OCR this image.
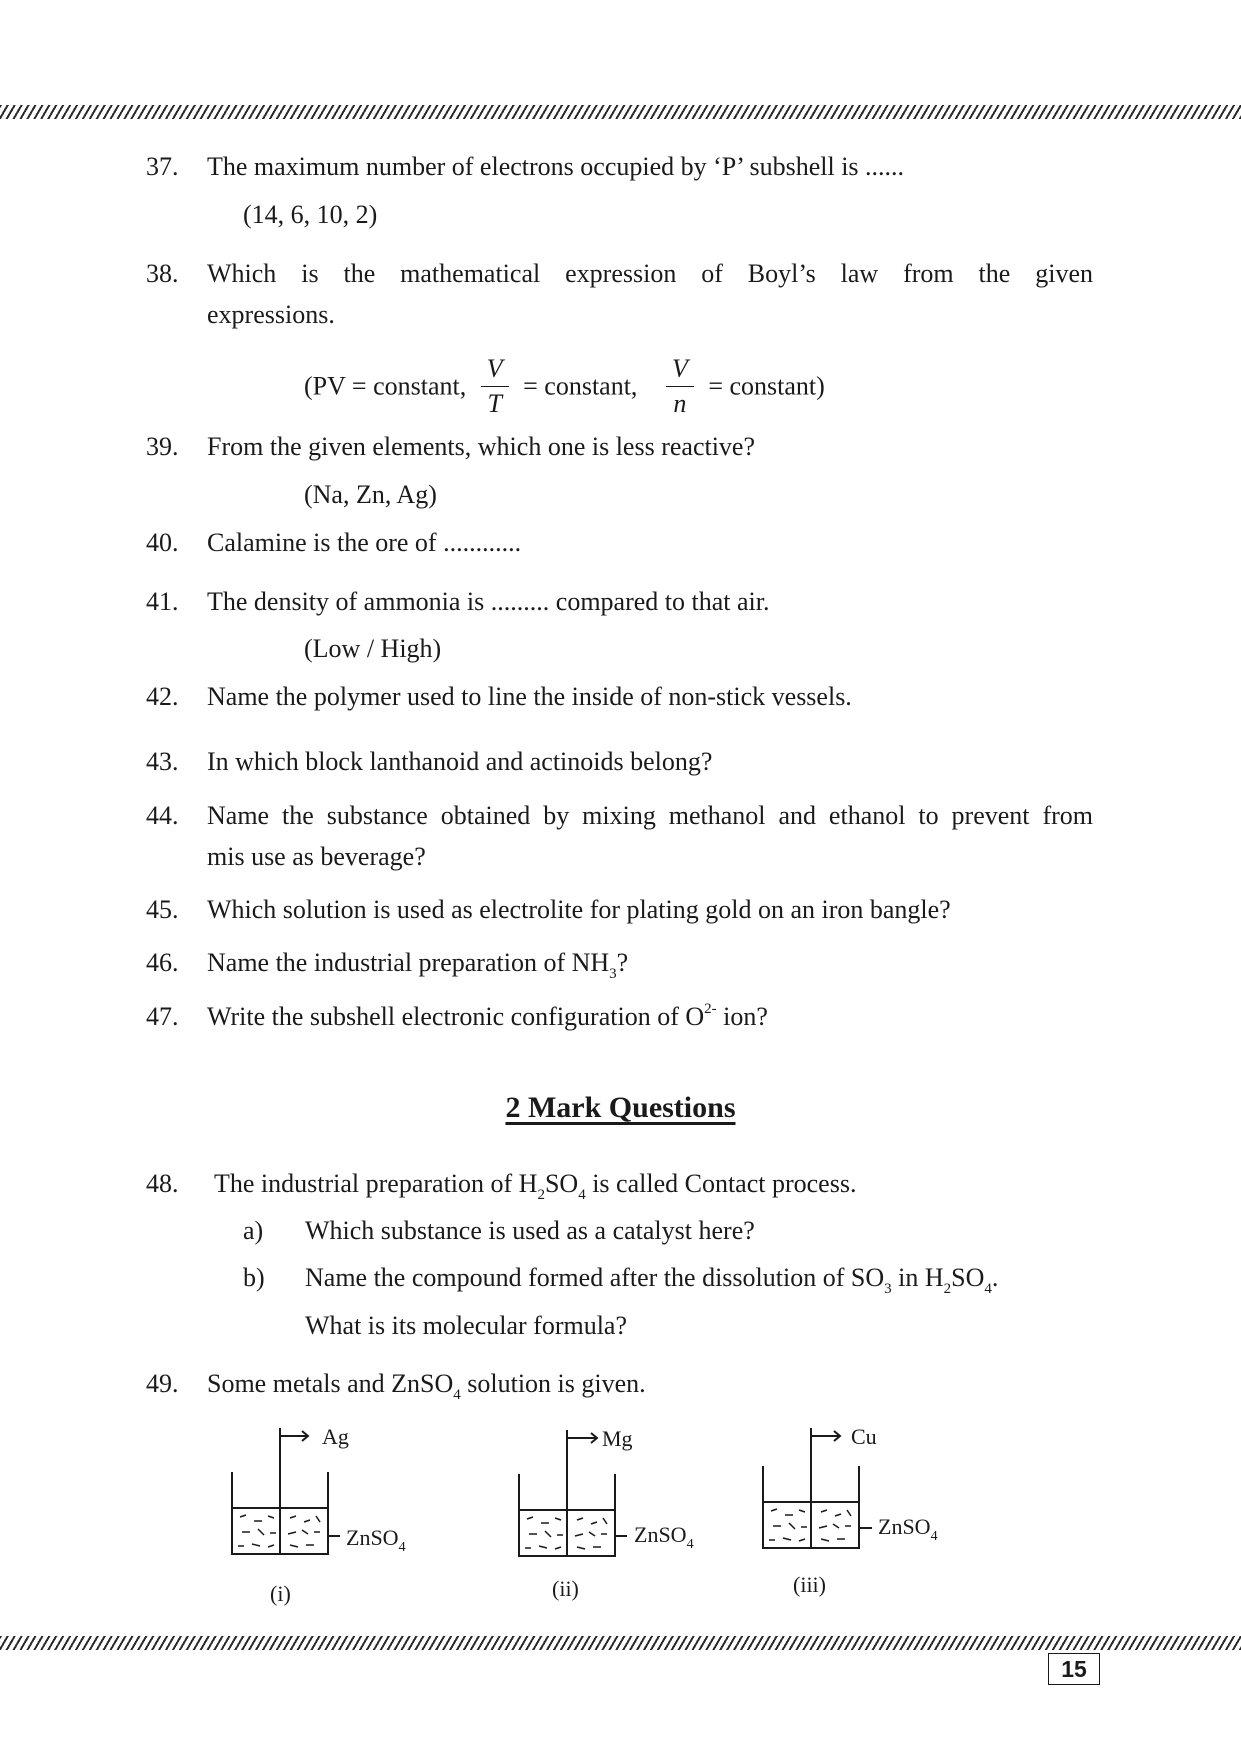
37. The maximum number of electrons occupied by ‘P’ subshell is ......
(14, 6, 10, 2)
38. Which is the mathematical expression of Boyl’s law from the given
expressions.
(PV = constant, $\frac{V}{T}$ = constant, $\frac{V}{n}$ = constant)
39. From the given elements, which one is less reactive?
(Na, Zn, Ag)
40. Calamine is the ore of ............
41. The density of ammonia is ......... compared to that air.
(Low / High)
42. Name the polymer used to line the inside of non-stick vessels.
43. In which block lanthanoid and actinoids belong?
44. Name the substance obtained by mixing methanol and ethanol to prevent from
mis use as beverage?
45. Which solution is used as electrolite for plating gold on an iron bangle?
46. Name the industrial preparation of $NH_3$?
47. Write the subshell electronic configuration of $O^{2-}$ ion?
2 Mark Questions
48. The industrial preparation of $H_2SO_4$ is called Contact process.
a) Which substance is used as a catalyst here?
b) Name the compound formed after the dissolution of $SO_3$ in $H_2SO_4$.
What is its molecular formula?
49. Some metals and ZnSO$_4$ solution is given.
Ag
ZnSO$_4$
(i)
Mg
ZnSO$_4$
(ii)
Cu
ZnSO$_4$
(iii)
15
